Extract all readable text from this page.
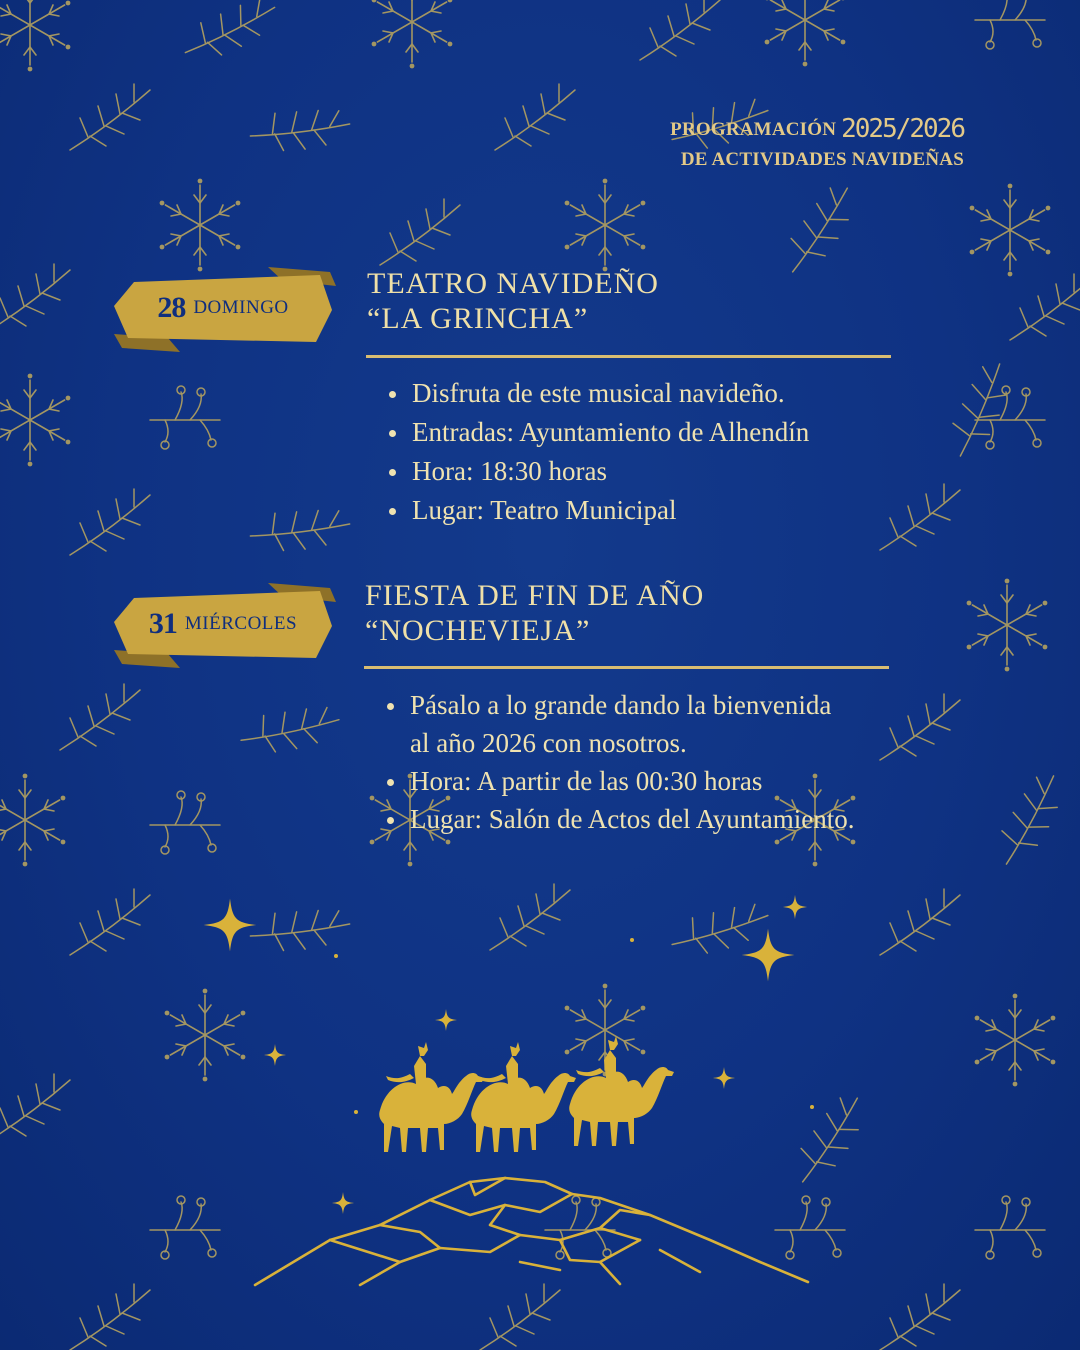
PROGRAMACIÓN 2025/2026
DE ACTIVIDADES NAVIDEÑAS
28 DOMINGO
TEATRO NAVIDEÑO
“LA GRINCHA”
Disfruta de este musical navideño.
Entradas: Ayuntamiento de Alhendín
Hora: 18:30 horas
Lugar: Teatro Municipal
31 MIÉRCOLES
FIESTA DE FIN DE AÑO
“NOCHEVIEJA”
Pásalo a lo grande dando la bienvenida
al año 2026 con nosotros.
Hora: A partir de las 00:30 horas
Lugar: Salón de Actos del Ayuntamiento.
